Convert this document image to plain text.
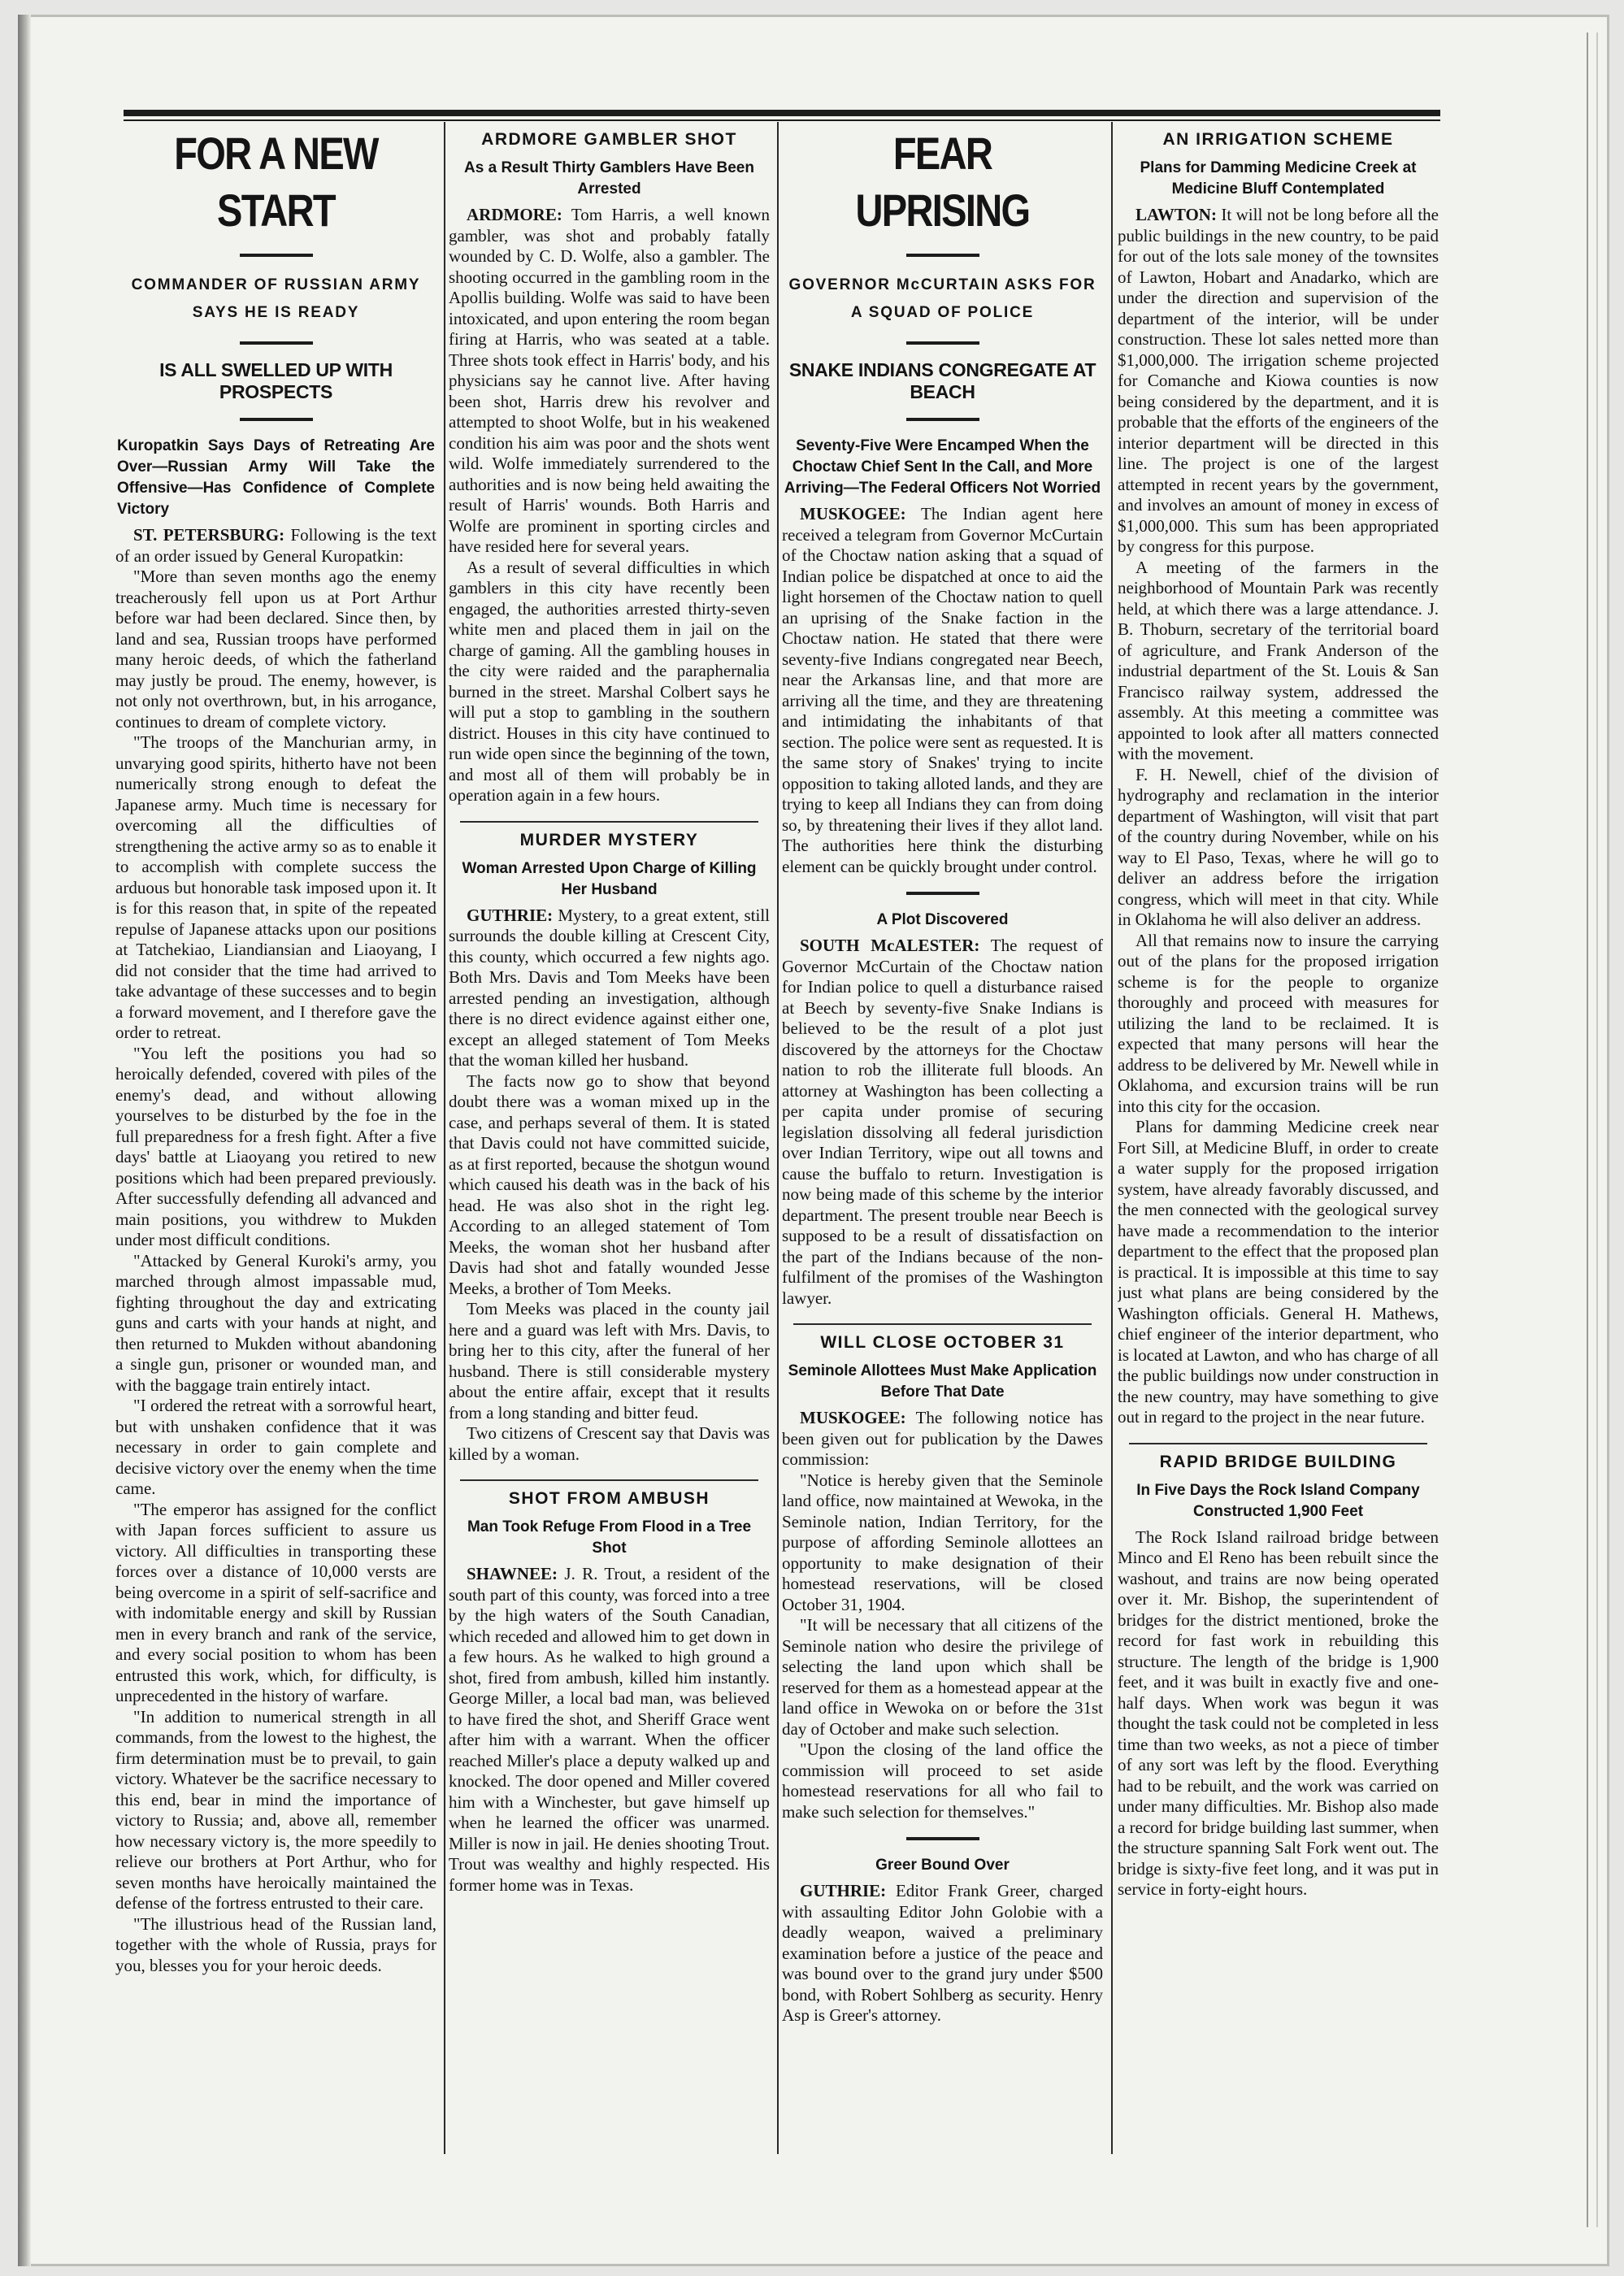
FOR A NEW START
COMMANDER OF RUSSIAN ARMY SAYS HE IS READY
IS ALL SWELLED UP WITH PROSPECTS
Kuropatkin Says Days of Retreating Are Over—Russian Army Will Take the Offensive—Has Confidence of Complete Victory

ST. PETERSBURG: Following is the text of an order issued by General Kuropatkin:

"More than seven months ago the enemy treacherously fell upon us at Port Arthur before war had been declared. Since then, by land and sea, Russian troops have performed many heroic deeds, of which the fatherland may justly be proud. The enemy, however, is not only not overthrown, but, in his arrogance, continues to dream of complete victory.

"The troops of the Manchurian army, in unvarying good spirits, hitherto have not been numerically strong enough to defeat the Japanese army. Much time is necessary for overcoming all the difficulties of strengthening the active army so as to enable it to accomplish with complete success the arduous but honorable task imposed upon it. It is for this reason that, in spite of the repeated repulse of Japanese attacks upon our positions at Tatchekiao, Liandiansian and Liaoyang, I did not consider that the time had arrived to take advantage of these successes and to begin a forward movement, and I therefore gave the order to retreat.

"You left the positions you had so heroically defended, covered with piles of the enemy's dead, and without allowing yourselves to be disturbed by the foe in the full preparedness for a fresh fight. After a five days' battle at Liaoyang you retired to new positions which had been prepared previously. After successfully defending all advanced and main positions, you withdrew to Mukden under most difficult conditions.

"Attacked by General Kuroki's army, you marched through almost impassable mud, fighting throughout the day and extricating guns and carts with your hands at night, and then returned to Mukden without abandoning a single gun, prisoner or wounded man, and with the baggage train entirely intact.

"I ordered the retreat with a sorrowful heart, but with unshaken confidence that it was necessary in order to gain complete and decisive victory over the enemy when the time came.

"The emperor has assigned for the conflict with Japan forces sufficient to assure us victory. All difficulties in transporting these forces over a distance of 10,000 versts are being overcome in a spirit of self-sacrifice and with indomitable energy and skill by Russian men in every branch and rank of the service, and every social position to whom has been entrusted this work, which, for difficulty, is unprecedented in the history of warfare.

"In addition to numerical strength in all commands, from the lowest to the highest, the firm determination must be to prevail, to gain victory. Whatever be the sacrifice necessary to this end, bear in mind the importance of victory to Russia; and, above all, remember how necessary victory is, the more speedily to relieve our brothers at Port Arthur, who for seven months have heroically maintained the defense of the fortress entrusted to their care.

"The illustrious head of the Russian land, together with the whole of Russia, prays for you, blesses you for your heroic deeds.

ARDMORE GAMBLER SHOT
As a Result Thirty Gamblers Have Been Arrested

ARDMORE: Tom Harris, a well known gambler, was shot and probably fatally wounded by C. D. Wolfe, also a gambler. The shooting occurred in the gambling room in the Apollis building. Wolfe was said to have been intoxicated, and upon entering the room began firing at Harris, who was seated at a table. Three shots took effect in Harris' body, and his physicians say he cannot live. After having been shot, Harris drew his revolver and attempted to shoot Wolfe, but in his weakened condition his aim was poor and the shots went wild. Wolfe immediately surrendered to the authorities and is now being held awaiting the result of Harris' wounds. Both Harris and Wolfe are prominent in sporting circles and have resided here for several years.

As a result of several difficulties in which gamblers in this city have recently been engaged, the authorities arrested thirty-seven white men and placed them in jail on the charge of gaming. All the gambling houses in the city were raided and the paraphernalia burned in the street. Marshal Colbert says he will put a stop to gambling in the southern district. Houses in this city have continued to run wide open since the beginning of the town, and most all of them will probably be in operation again in a few hours.

MURDER MYSTERY
Woman Arrested Upon Charge of Killing Her Husband

GUTHRIE: Mystery, to a great extent, still surrounds the double killing at Crescent City, this county, which occurred a few nights ago. Both Mrs. Davis and Tom Meeks have been arrested pending an investigation, although there is no direct evidence against either one, except an alleged statement of Tom Meeks that the woman killed her husband.

The facts now go to show that beyond doubt there was a woman mixed up in the case, and perhaps several of them. It is stated that Davis could not have committed suicide, as at first reported, because the shotgun wound which caused his death was in the back of his head. He was also shot in the right leg. According to an alleged statement of Tom Meeks, the woman shot her husband after Davis had shot and fatally wounded Jesse Meeks, a brother of Tom Meeks.

Tom Meeks was placed in the county jail here and a guard was left with Mrs. Davis, to bring her to this city, after the funeral of her husband. There is still considerable mystery about the entire affair, except that it results from a long standing and bitter feud.

Two citizens of Crescent say that Davis was killed by a woman.

SHOT FROM AMBUSH
Man Took Refuge From Flood in a Tree Shot

SHAWNEE: J. R. Trout, a resident of the south part of this county, was forced into a tree by the high waters of the South Canadian, which receded and allowed him to get down in a few hours. As he walked to high ground a shot, fired from ambush, killed him instantly. George Miller, a local bad man, was believed to have fired the shot, and Sheriff Grace went after him with a warrant. When the officer reached Miller's place a deputy walked up and knocked. The door opened and Miller covered him with a Winchester, but gave himself up when he learned the officer was unarmed. Miller is now in jail. He denies shooting Trout. Trout was wealthy and highly respected. His former home was in Texas.

FEAR UPRISING
GOVERNOR McCURTAIN ASKS FOR A SQUAD OF POLICE
SNAKE INDIANS CONGREGATE AT BEACH
Seventy-Five Were Encamped When the Choctaw Chief Sent In the Call, and More Arriving—The Federal Officers Not Worried

MUSKOGEE: The Indian agent here received a telegram from Governor McCurtain of the Choctaw nation asking that a squad of Indian police be dispatched at once to aid the light horsemen of the Choctaw nation to quell an uprising of the Snake faction in the Choctaw nation. He stated that there were seventy-five Indians congregated near Beech, near the Arkansas line, and that more are arriving all the time, and they are threatening and intimidating the inhabitants of that section. The police were sent as requested. It is the same story of Snakes' trying to incite opposition to taking alloted lands, and they are trying to keep all Indians they can from doing so, by threatening their lives if they allot land. The authorities here think the disturbing element can be quickly brought under control.

A Plot Discovered

SOUTH McALESTER: The request of Governor McCurtain of the Choctaw nation for Indian police to quell a disturbance raised at Beech by seventy-five Snake Indians is believed to be the result of a plot just discovered by the attorneys for the Choctaw nation to rob the illiterate full bloods. An attorney at Washington has been collecting a per capita under promise of securing legislation dissolving all federal jurisdiction over Indian Territory, wipe out all towns and cause the buffalo to return. Investigation is now being made of this scheme by the interior department. The present trouble near Beech is supposed to be a result of dissatisfaction on the part of the Indians because of the non-fulfilment of the promises of the Washington lawyer.

WILL CLOSE OCTOBER 31
Seminole Allottees Must Make Application Before That Date

MUSKOGEE: The following notice has been given out for publication by the Dawes commission:

"Notice is hereby given that the Seminole land office, now maintained at Wewoka, in the Seminole nation, Indian Territory, for the purpose of affording Seminole allottees an opportunity to make designation of their homestead reservations, will be closed October 31, 1904.

"It will be necessary that all citizens of the Seminole nation who desire the privilege of selecting the land upon which shall be reserved for them as a homestead appear at the land office in Wewoka on or before the 31st day of October and make such selection.

"Upon the closing of the land office the commission will proceed to set aside homestead reservations for all who fail to make such selection for themselves."

Greer Bound Over

GUTHRIE: Editor Frank Greer, charged with assaulting Editor John Golobie with a deadly weapon, waived a preliminary examination before a justice of the peace and was bound over to the grand jury under $500 bond, with Robert Sohlberg as security. Henry Asp is Greer's attorney.

AN IRRIGATION SCHEME
Plans for Damming Medicine Creek at Medicine Bluff Contemplated

LAWTON: It will not be long before all the public buildings in the new country, to be paid for out of the lots sale money of the townsites of Lawton, Hobart and Anadarko, which are under the direction and supervision of the department of the interior, will be under construction. These lot sales netted more than $1,000,000. The irrigation scheme projected for Comanche and Kiowa counties is now being considered by the department, and it is probable that the efforts of the engineers of the interior department will be directed in this line. The project is one of the largest attempted in recent years by the government, and involves an amount of money in excess of $1,000,000. This sum has been appropriated by congress for this purpose.

A meeting of the farmers in the neighborhood of Mountain Park was recently held, at which there was a large attendance. J. B. Thoburn, secretary of the territorial board of agriculture, and Frank Anderson of the industrial department of the St. Louis & San Francisco railway system, addressed the assembly. At this meeting a committee was appointed to look after all matters connected with the movement.

F. H. Newell, chief of the division of hydrography and reclamation in the interior department of Washington, will visit that part of the country during November, while on his way to El Paso, Texas, where he will go to deliver an address before the irrigation congress, which will meet in that city. While in Oklahoma he will also deliver an address.

All that remains now to insure the carrying out of the plans for the proposed irrigation scheme is for the people to organize thoroughly and proceed with measures for utilizing the land to be reclaimed. It is expected that many persons will hear the address to be delivered by Mr. Newell while in Oklahoma, and excursion trains will be run into this city for the occasion.

Plans for damming Medicine creek near Fort Sill, at Medicine Bluff, in order to create a water supply for the proposed irrigation system, have already favorably discussed, and the men connected with the geological survey have made a recommendation to the interior department to the effect that the proposed plan is practical. It is impossible at this time to say just what plans are being considered by the Washington officials. General H. Mathews, chief engineer of the interior department, who is located at Lawton, and who has charge of all the public buildings now under construction in the new country, may have something to give out in regard to the project in the near future.

RAPID BRIDGE BUILDING
In Five Days the Rock Island Company Constructed 1,900 Feet

The Rock Island railroad bridge between Minco and El Reno has been rebuilt since the washout, and trains are now being operated over it. Mr. Bishop, the superintendent of bridges for the district mentioned, broke the record for fast work in rebuilding this structure. The length of the bridge is 1,900 feet, and it was built in exactly five and one-half days. When work was begun it was thought the task could not be completed in less time than two weeks, as not a piece of timber of any sort was left by the flood. Everything had to be rebuilt, and the work was carried on under many difficulties. Mr. Bishop also made a record for bridge building last summer, when the structure spanning Salt Fork went out. The bridge is sixty-five feet long, and it was put in service in forty-eight hours.
